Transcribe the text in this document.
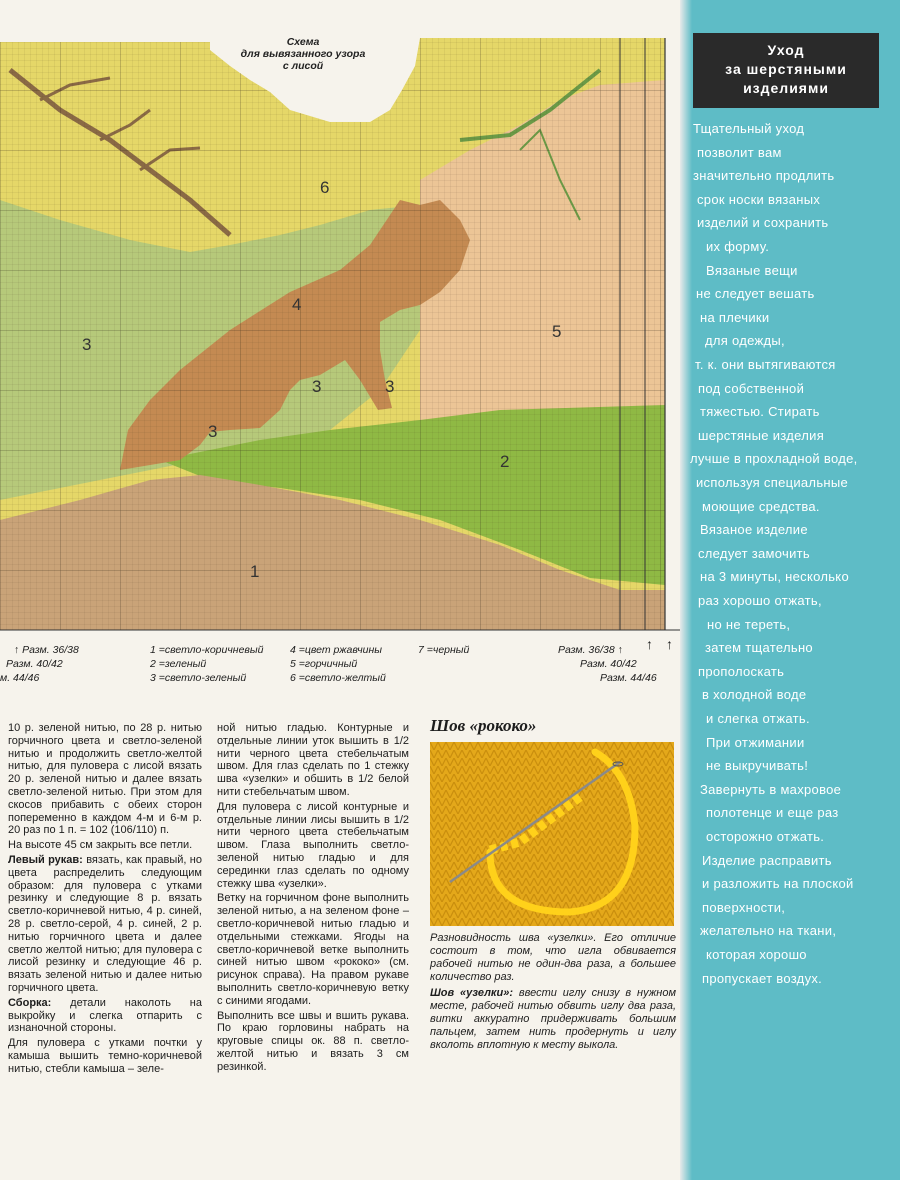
Схема
для вывязанного узора
с лисой
6
4
3
3	3
3
5
2
1
↑ Разм. 36/38
Разм. 40/42
м. 44/46
1 =светло-коричневый
2 =зеленый
3 =светло-зеленый
4 =цвет ржавчины
5 =горчичный
6 =светло-желтый
7 =черный	Разм. 36/38 ↑
Разм. 40/42
Разм. 44/46
↑ ↑

10 р. зеленой нитью, по 28 р. нитью горчичного цвета и светло-зеленой нитью и продолжить светло-желтой нитью, для пуловера с лисой вязать 20 р. зеленой нитью и далее вязать светло-зеленой нитью. При этом для скосов прибавить с обеих сторон попеременно в каждом 4-м и 6-м р. 20 раз по 1 п. = 102 (106/110) п.

На высоте 45 см закрыть все петли.

Левый рукав: вязать, как правый, но цвета распределить следующим образом: для пуловера с утками резинку и следующие 8 р. вязать светло-коричневой нитью, 4 р. синей, 28 р. светло-серой, 4 р. синей, 2 р. нитью горчичного цвета и далее светло желтой нитью; для пуловера с лисой резинку и следующие 46 р. вязать зеленой нитью и далее нитью горчичного цвета.

Сборка: детали наколоть на выкройку и слегка отпарить с изнаночной стороны.

Для пуловера с утками почтки у камыша вышить темно-коричневой нитью, стебли камыша – зеле-

ной нитью гладью. Контурные и отдельные линии уток вышить в 1/2 нити черного цвета стебельчатым швом. Для глаз сделать по 1 стежку шва «узелки» и обшить в 1/2 белой нити стебельчатым швом.

Для пуловера с лисой контурные и отдельные линии лисы вышить в 1/2 нити черного цвета стебельчатым швом. Глаза выполнить светло-зеленой нитью гладью и для серединки глаз сделать по одному стежку шва «узелки».

Ветку на горчичном фоне выполнить зеленой нитью, а на зеленом фоне – светло-коричневой нитью гладью и отдельными стежками. Ягоды на светло-коричневой ветке выполнить синей нитью швом «рококо» (см. рисунок справа). На правом рукаве выполнить светло-коричневую ветку с синими ягодами.

Выполнить все швы и вшить рукава. По краю горловины набрать на круговые спицы ок. 88 п. светло-желтой нитью и вязать 3 см резинкой.

Шов «рококо»
Разновидность шва «узелки». Его отличие состоит в том, что игла обвивается рабочей нитью не один-два раза, а большее количество раз.
Шов «узелки»: ввести иглу снизу в нужном месте, рабочей нитью обвить иглу два раза, витки аккуратно придерживать большим пальцем, затем нить продернуть и иглу вколоть вплотную к месту выкола.
Уход
за шерстяными
изделиями
Тщательный уход
позволит вам
значительно продлить
срок носки вязаных
изделий и сохранить
их форму.
Вязаные вещи
не следует вешать
на плечики
для одежды,
т. к. они вытягиваются
под собственной
тяжестью. Стирать
шерстяные изделия
лучше в прохладной воде,
используя специальные
моющие средства.
Вязаное изделие
следует замочить
на 3 минуты, несколько
раз хорошо отжать,
но не тереть,
затем тщательно
прополоскать
в холодной воде
и слегка отжать.
При отжимании
не выкручивать!
Завернуть в махровое
полотенце и еще раз
осторожно отжать.
Изделие расправить
и разложить на плоской
поверхности,
желательно на ткани,
которая хорошо
пропускает воздух.
